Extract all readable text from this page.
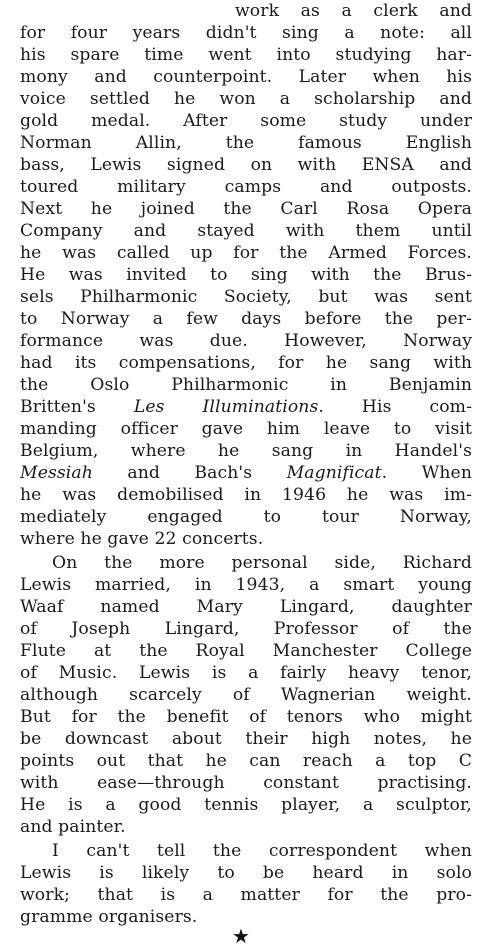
work as a clerk and
for four years didn't sing a note: all
his spare time went into studying har-
mony and counterpoint. Later when his
voice settled he won a scholarship and
gold medal. After some study under
Norman Allin, the famous English
bass, Lewis signed on with ENSA and
toured military camps and outposts.
Next he joined the Carl Rosa Opera
Company and stayed with them until
he was called up for the Armed Forces.
He was invited to sing with the Brus-
sels Philharmonic Society, but was sent
to Norway a few days before the per-
formance was due. However, Norway
had its compensations, for he sang with
the Oslo Philharmonic in Benjamin
Britten's Les Illuminations. His com-
manding officer gave him leave to visit
Belgium, where he sang in Handel's
Messiah and Bach's Magnificat. When
he was demobilised in 1946 he was im-
mediately engaged to tour Norway,
where he gave 22 concerts.
On the more personal side, Richard
Lewis married, in 1943, a smart young
Waaf named Mary Lingard, daughter
of Joseph Lingard, Professor of the
Flute at the Royal Manchester College
of Music. Lewis is a fairly heavy tenor,
although scarcely of Wagnerian weight.
But for the benefit of tenors who might
be downcast about their high notes, he
points out that he can reach a top C
with ease—through constant practising.
He is a good tennis player, a sculptor,
and painter.
I can't tell the correspondent when
Lewis is likely to be heard in solo
work; that is a matter for the pro-
gramme organisers.
★
